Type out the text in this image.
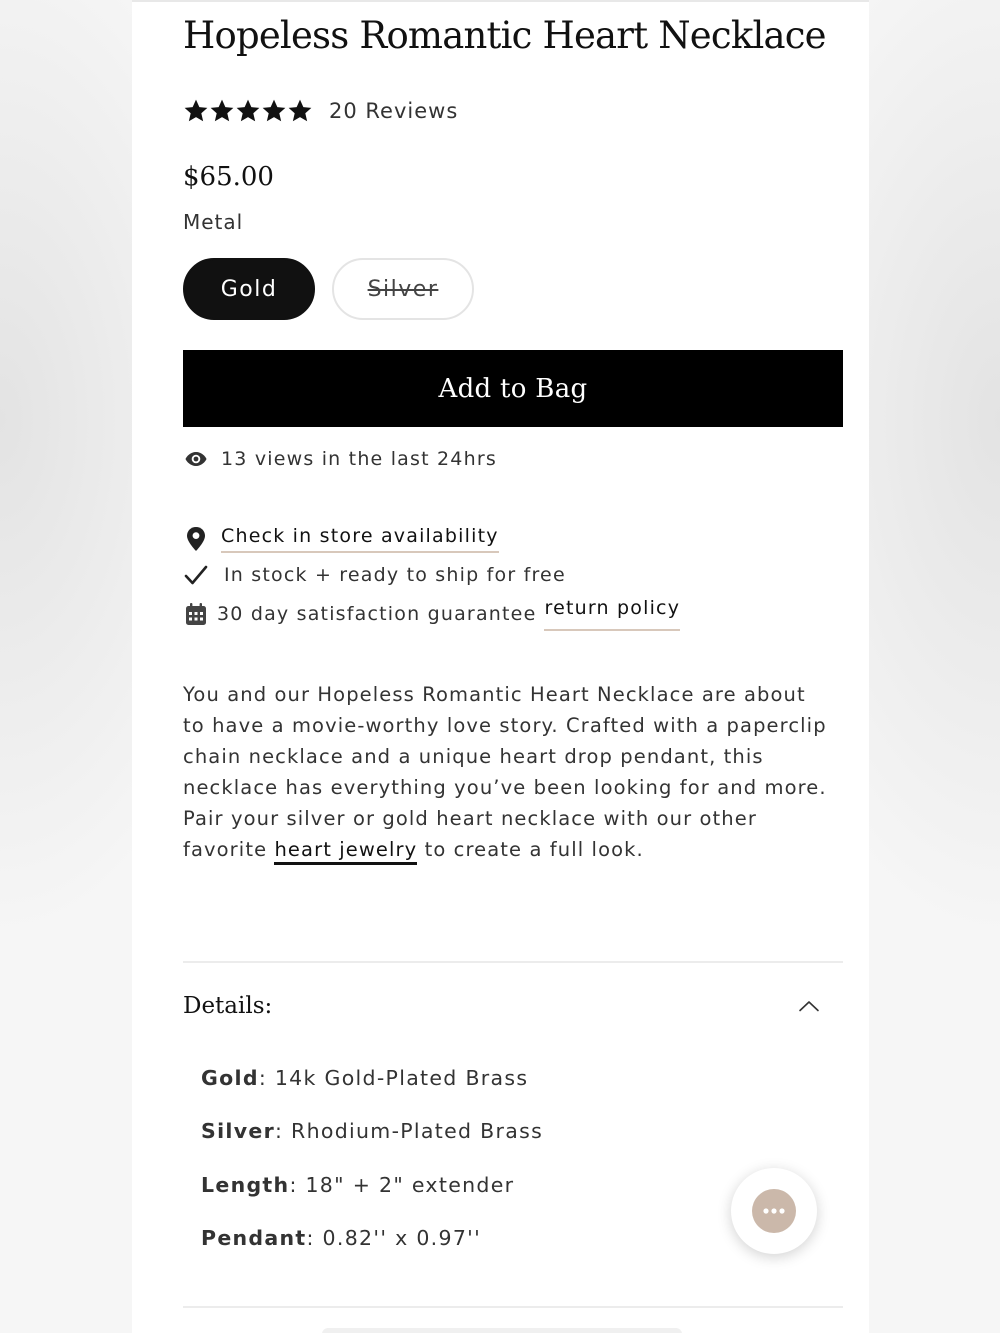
Hopeless Romantic Heart Necklace
20 Reviews
$65.00
Metal
Gold	Silver
Add to Bag
13 views in the last 24hrs
Check in store availability
In stock + ready to ship for free
30 day satisfaction guarantee return policy
You and our Hopeless Romantic Heart Necklace are about to have a movie-worthy love story. Crafted with a paperclip chain necklace and a unique heart drop pendant, this necklace has everything you’ve been looking for and more. Pair your silver or gold heart necklace with our other favorite heart jewelry to create a full look.
Details:
Gold: 14k Gold-Plated Brass
Silver: Rhodium-Plated Brass
Length: 18" + 2" extender
Pendant: 0.82'' x 0.97''
